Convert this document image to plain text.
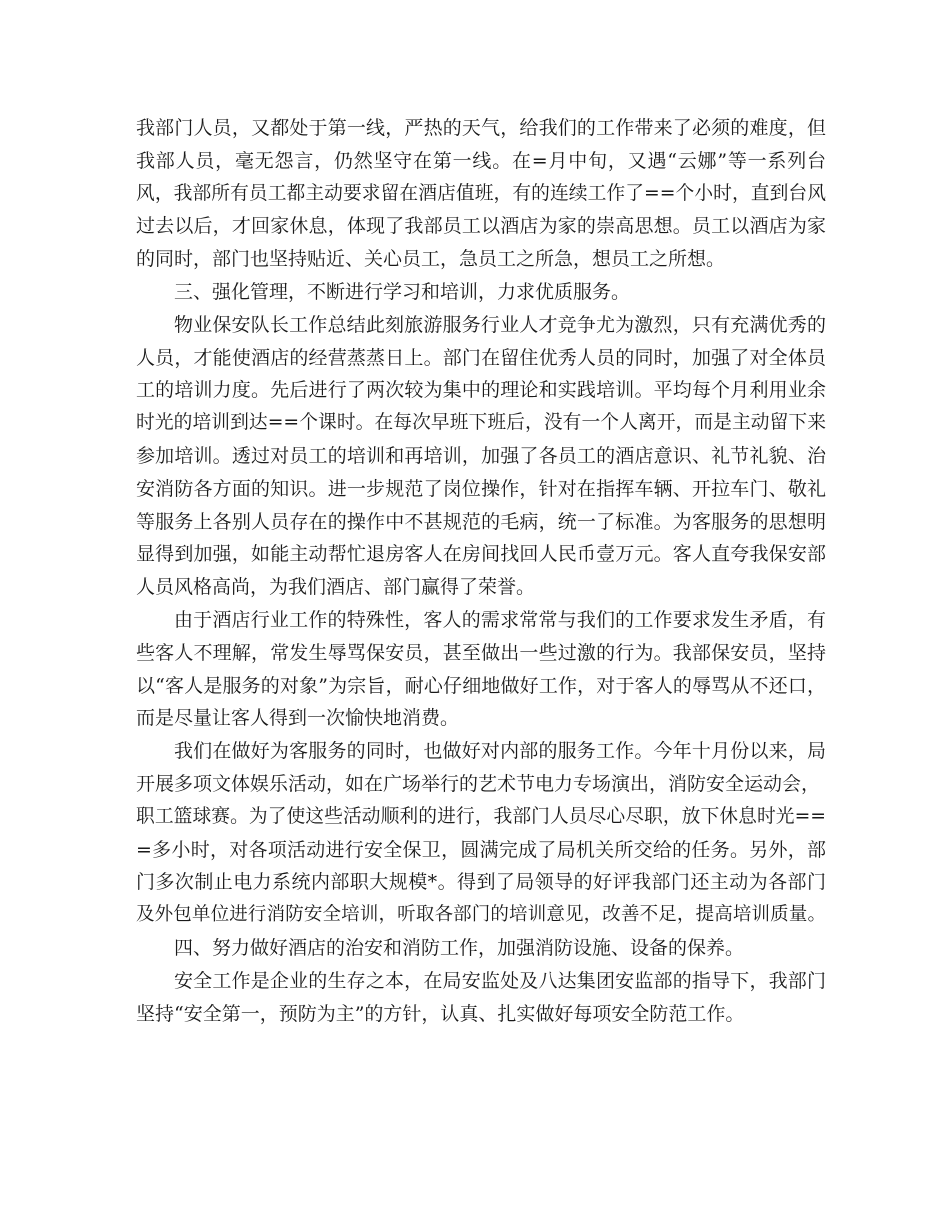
我部门人员，又都处于第一线，严热的天气，给我们的工作带来了必须的难度，但
我部人员，毫无怨言，仍然坚守在第一线。在=月中旬，又遇“云娜”等一系列台
风，我部所有员工都主动要求留在酒店值班，有的连续工作了==个小时，直到台风
过去以后，才回家休息，体现了我部员工以酒店为家的崇高思想。员工以酒店为家
的同时，部门也坚持贴近、关心员工，急员工之所急，想员工之所想。
三、强化管理，不断进行学习和培训，力求优质服务。
物业保安队长工作总结此刻旅游服务行业人才竞争尤为激烈，只有充满优秀的
人员，才能使酒店的经营蒸蒸日上。部门在留住优秀人员的同时，加强了对全体员
工的培训力度。先后进行了两次较为集中的理论和实践培训。平均每个月利用业余
时光的培训到达==个课时。在每次早班下班后，没有一个人离开，而是主动留下来
参加培训。透过对员工的培训和再培训，加强了各员工的酒店意识、礼节礼貌、治
安消防各方面的知识。进一步规范了岗位操作，针对在指挥车辆、开拉车门、敬礼
等服务上各别人员存在的操作中不甚规范的毛病，统一了标准。为客服务的思想明
显得到加强，如能主动帮忙退房客人在房间找回人民币壹万元。客人直夸我保安部
人员风格高尚，为我们酒店、部门赢得了荣誉。
由于酒店行业工作的特殊性，客人的需求常常与我们的工作要求发生矛盾，有
些客人不理解，常发生辱骂保安员，甚至做出一些过激的行为。我部保安员，坚持
以“客人是服务的对象”为宗旨，耐心仔细地做好工作，对于客人的辱骂从不还口，
而是尽量让客人得到一次愉快地消费。
我们在做好为客服务的同时，也做好对内部的服务工作。今年十月份以来，局
开展多项文体娱乐活动，如在广场举行的艺术节电力专场演出，消防安全运动会，
职工篮球赛。为了使这些活动顺利的进行，我部门人员尽心尽职，放下休息时光==
=多小时，对各项活动进行安全保卫，圆满完成了局机关所交给的任务。另外，部
门多次制止电力系统内部职大规模*。得到了局领导的好评我部门还主动为各部门
及外包单位进行消防安全培训，听取各部门的培训意见，改善不足，提高培训质量。
四、努力做好酒店的治安和消防工作，加强消防设施、设备的保养。
安全工作是企业的生存之本，在局安监处及八达集团安监部的指导下，我部门
坚持“安全第一，预防为主”的方针，认真、扎实做好每项安全防范工作。
